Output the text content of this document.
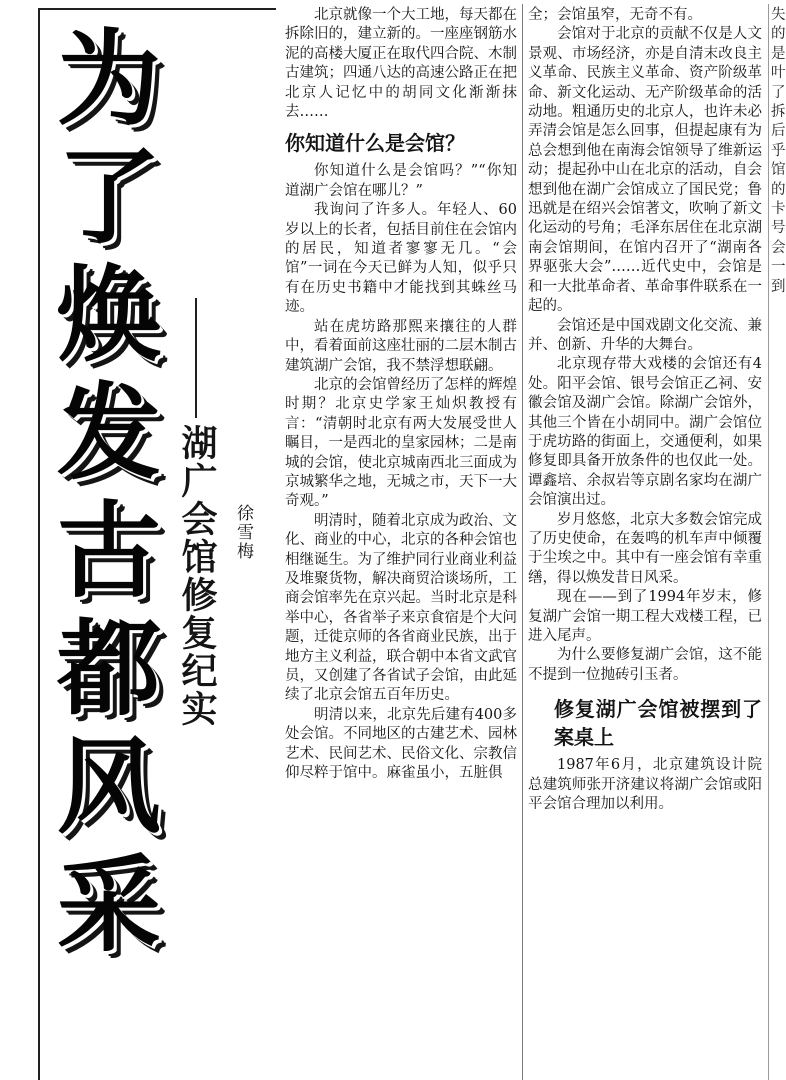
为
了
焕
发
古
都
风
采
湖广会馆修复纪实 徐雪梅

北京就像一个大工地，每天都在拆除旧的，建立新的。一座座钢筋水泥的高楼大厦正在取代四合院、木制古建筑；四通八达的高速公路正在把北京人记忆中的胡同文化渐渐抹去……

你知道什么是会馆？

你知道什么是会馆吗？”“你知道湖广会馆在哪儿？”

我询问了许多人。年轻人、60岁以上的长者，包括目前住在会馆内的居民，知道者寥寥无几。“会馆”一词在今天已鲜为人知，似乎只有在历史书籍中才能找到其蛛丝马迹。

站在虎坊路那熙来攘往的人群中，看着面前这座壮丽的二层木制古建筑湖广会馆，我不禁浮想联翩。

北京的会馆曾经历了怎样的辉煌时期？北京史学家王灿炽教授有言：“清朝时北京有两大发展受世人瞩目，一是西北的皇家园林；二是南城的会馆，使北京城南西北三面成为京城繁华之地，无城之市，天下一大奇观。”

明清时，随着北京成为政治、文化、商业的中心，北京的各种会馆也相继诞生。为了维护同行业商业利益及堆聚货物，解决商贸洽谈场所，工商会馆率先在京兴起。当时北京是科举中心，各省举子来京食宿是个大问题，迁徙京师的各省商业民族，出于地方主义利益，联合朝中本省文武官员，又创建了各省试子会馆，由此延续了北京会馆五百年历史。

明清以来，北京先后建有400多处会馆。不同地区的古建艺术、园林艺术、民间艺术、民俗文化、宗教信仰尽粹于馆中。麻雀虽小，五脏俱

全；会馆虽窄，无奇不有。

会馆对于北京的贡献不仅是人文景观、市场经济，亦是自清末改良主义革命、民族主义革命、资产阶级革命、新文化运动、无产阶级革命的活动地。粗通历史的北京人，也许未必弄清会馆是怎么回事，但提起康有为总会想到他在南海会馆领导了维新运动；提起孙中山在北京的活动，自会想到他在湖广会馆成立了国民党；鲁迅就是在绍兴会馆著文，吹响了新文化运动的号角；毛泽东居住在北京湖南会馆期间，在馆内召开了“湖南各界驱张大会”……近代史中，会馆是和一大批革命者、革命事件联系在一起的。

会馆还是中国戏剧文化交流、兼并、创新、升华的大舞台。

北京现存带大戏楼的会馆还有4处。阳平会馆、银号会馆正乙祠、安徽会馆及湖广会馆。除湖广会馆外，其他三个皆在小胡同中。湖广会馆位于虎坊路的街面上，交通便利，如果修复即具备开放条件的也仅此一处。谭鑫培、余叔岩等京剧名家均在湖广会馆演出过。

岁月悠悠，北京大多数会馆完成了历史使命，在轰鸣的机车声中倾覆于尘埃之中。其中有一座会馆有幸重缮，得以焕发昔日风采。

现在——到了1994年岁末，修复湖广会馆一期工程大戏楼工程，已进入尾声。

为什么要修复湖广会馆，这不能不提到一位抛砖引玉者。

修复湖广会馆被摆到了案桌上

1987年6月，北京建筑设计院总建筑师张开济建议将湖广会馆或阳平会馆合理加以利用。

失
的
是
叶
了
拆
后
乎
馆
的
卡
号
会
一
到
